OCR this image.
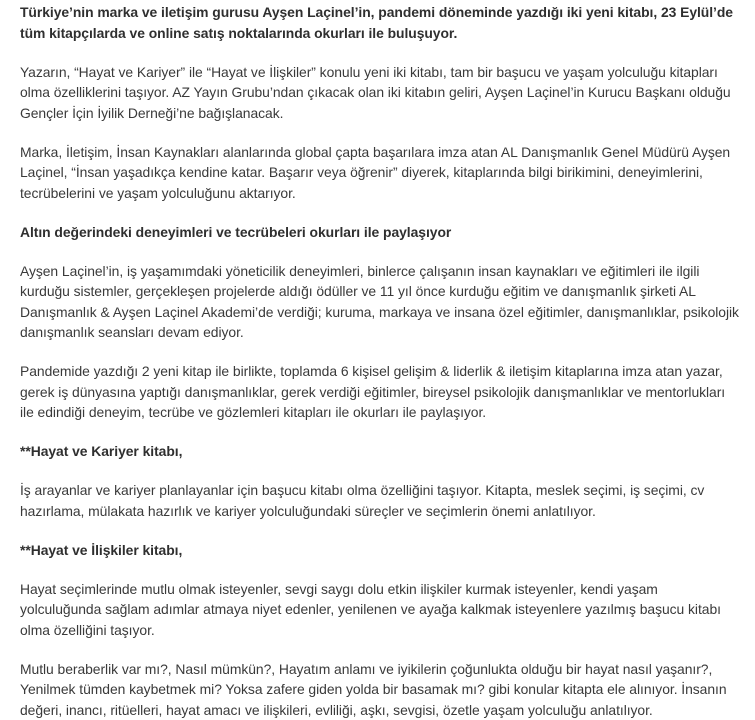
Türkiye’nin marka ve iletişim gurusu Ayşen Laçinel’in, pandemi döneminde yazdığı iki yeni kitabı, 23 Eylül’de tüm kitapçılarda ve online satış noktalarında okurları ile buluşuyor.

Yazarın, “Hayat ve Kariyer” ile “Hayat ve İlişkiler” konulu yeni iki kitabı, tam bir başucu ve yaşam yolculuğu kitapları olma özelliklerini taşıyor. AZ Yayın Grubu’ndan çıkacak olan iki kitabın geliri, Ayşen Laçinel’in Kurucu Başkanı olduğu Gençler İçin İyilik Derneği’ne bağışlanacak.

Marka, İletişim, İnsan Kaynakları alanlarında global çapta başarılara imza atan AL Danışmanlık Genel Müdürü Ayşen Laçinel, “İnsan yaşadıkça kendine katar. Başarır veya öğrenir” diyerek, kitaplarında bilgi birikimini, deneyimlerini, tecrübelerini ve yaşam yolculuğunu aktarıyor.

Altın değerindeki deneyimleri ve tecrübeleri okurları ile paylaşıyor

Ayşen Laçinel’in, iş yaşamımdaki yöneticilik deneyimleri, binlerce çalışanın insan kaynakları ve eğitimleri ile ilgili kurduğu sistemler, gerçekleşen projelerde aldığı ödüller ve 11 yıl önce kurduğu eğitim ve danışmanlık şirketi AL Danışmanlık & Ayşen Laçinel Akademi’de verdiği; kuruma, markaya ve insana özel eğitimler, danışmanlıklar, psikolojik danışmanlık seansları devam ediyor.

Pandemide yazdığı 2 yeni kitap ile birlikte, toplamda 6 kişisel gelişim & liderlik & iletişim kitaplarına imza atan yazar, gerek iş dünyasına yaptığı danışmanlıklar, gerek verdiği eğitimler, bireysel psikolojik danışmanlıklar ve mentorlukları ile edindiği deneyim, tecrübe ve gözlemleri kitapları ile okurları ile paylaşıyor.

**Hayat ve Kariyer kitabı,

İş arayanlar ve kariyer planlayanlar için başucu kitabı olma özelliğini taşıyor. Kitapta, meslek seçimi, iş seçimi, cv hazırlama, mülakata hazırlık ve kariyer yolculuğundaki süreçler ve seçimlerin önemi anlatılıyor.

**Hayat ve İlişkiler kitabı,

Hayat seçimlerinde mutlu olmak isteyenler, sevgi saygı dolu etkin ilişkiler kurmak isteyenler, kendi yaşam yolculuğunda sağlam adımlar atmaya niyet edenler, yenilenen ve ayağa kalkmak isteyenlere yazılmış başucu kitabı olma özelliğini taşıyor.

Mutlu beraberlik var mı?, Nasıl mümkün?, Hayatım anlamı ve iyikilerin çoğunlukta olduğu bir hayat nasıl yaşanır?, Yenilmek tümden kaybetmek mi? Yoksa zafere giden yolda bir basamak mı? gibi konular kitapta ele alınıyor. İnsanın değeri, inancı, ritüelleri, hayat amacı ve ilişkileri, evliliği, aşkı, sevgisi, özetle yaşam yolculuğu anlatılıyor.
